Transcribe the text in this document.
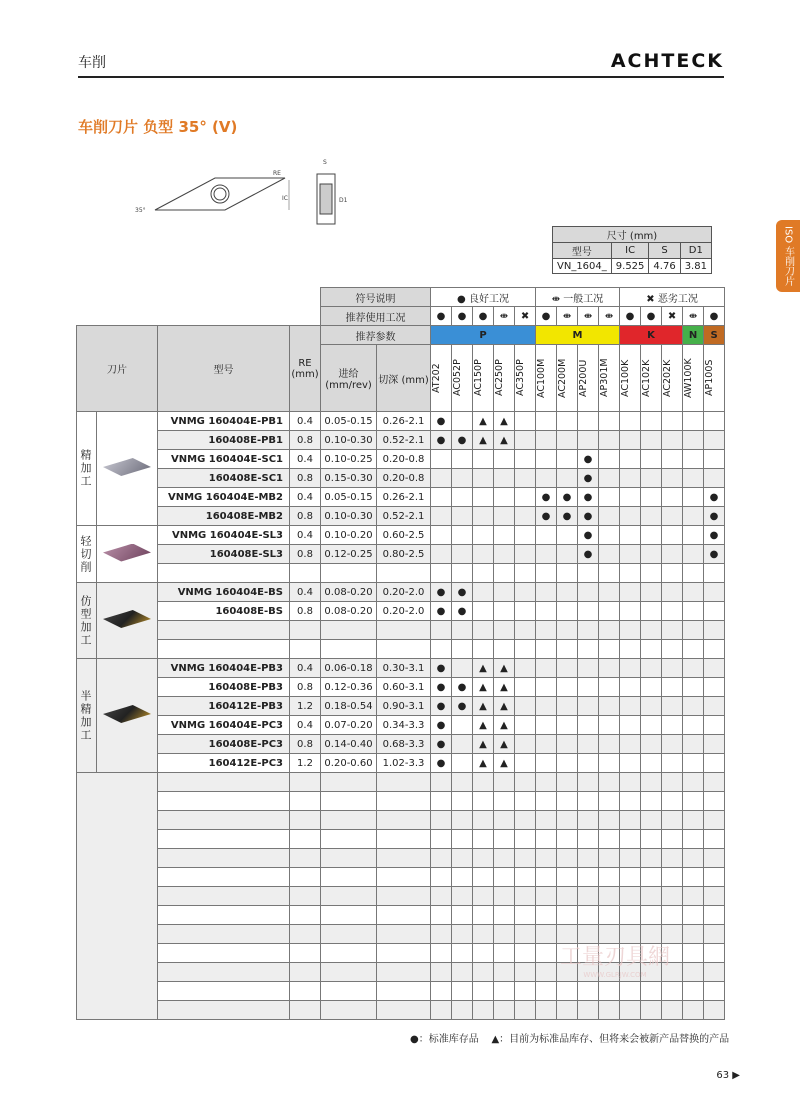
车削	ACHTECK
车削刀片 负型 35° (V)
ISO 车削刀片
RE
IC
35°
S
D1
尺寸 (mm)			
型号	IC	S	D1
VN_1604_	9.525	4.76	3.81
				符号说明		● 良好工况					⇼ 一般工况				✖ 恶劣工况				
				推荐使用工况		●	●	●	⇼	✖	●	⇼	⇼	⇼	●	●	✖	⇼	●
刀片		型号	RE (mm)	推荐参数		P					M				K			N	S
				进给 (mm/rev)	切深 (mm)	AT202	AC052P	AC150P	AC250P	AC350P	AC100M	AC200M	AP200U	AP301M	AC100K	AC102K	AC202K	AW100K	AP100S

精加工		VNMG 160404E-PB1	0.4	0.05-0.15	0.26-2.1	●		▲	▲										
		160408E-PB1	0.8	0.10-0.30	0.52-2.1	●	●	▲	▲										
		VNMG 160404E-SC1	0.4	0.10-0.25	0.20-0.8								●						
		160408E-SC1	0.8	0.15-0.30	0.20-0.8								●						
		VNMG 160404E-MB2	0.4	0.05-0.15	0.26-2.1						●	●	●						●
		160408E-MB2	0.8	0.10-0.30	0.52-2.1						●	●	●						●

轻切削		VNMG 160404E-SL3	0.4	0.10-0.20	0.60-2.5								●						●
		160408E-SL3	0.8	0.12-0.25	0.80-2.5								●						●

仿型加工		VNMG 160404E-BS	0.4	0.08-0.20	0.20-2.0	●	●												
		160408E-BS	0.8	0.08-0.20	0.20-2.0	●	●												

半精加工		VNMG 160404E-PB3	0.4	0.06-0.18	0.30-3.1	●		▲	▲										
		160408E-PB3	0.8	0.12-0.36	0.60-3.1	●	●	▲	▲										
		160412E-PB3	1.2	0.18-0.54	0.90-3.1	●	●	▲	▲										
		VNMG 160404E-PC3	0.4	0.07-0.20	0.34-3.3	●		▲	▲										
		160408E-PC3	0.8	0.14-0.40	0.68-3.3	●		▲	▲										
		160412E-PC3	1.2	0.20-0.60	1.02-3.3	●		▲	▲										

●：标准库存品 ▲：目前为标准品库存、但将来会被新产品替换的产品
工量刃具網
WWW.GLRJW.COM
63 ▶
